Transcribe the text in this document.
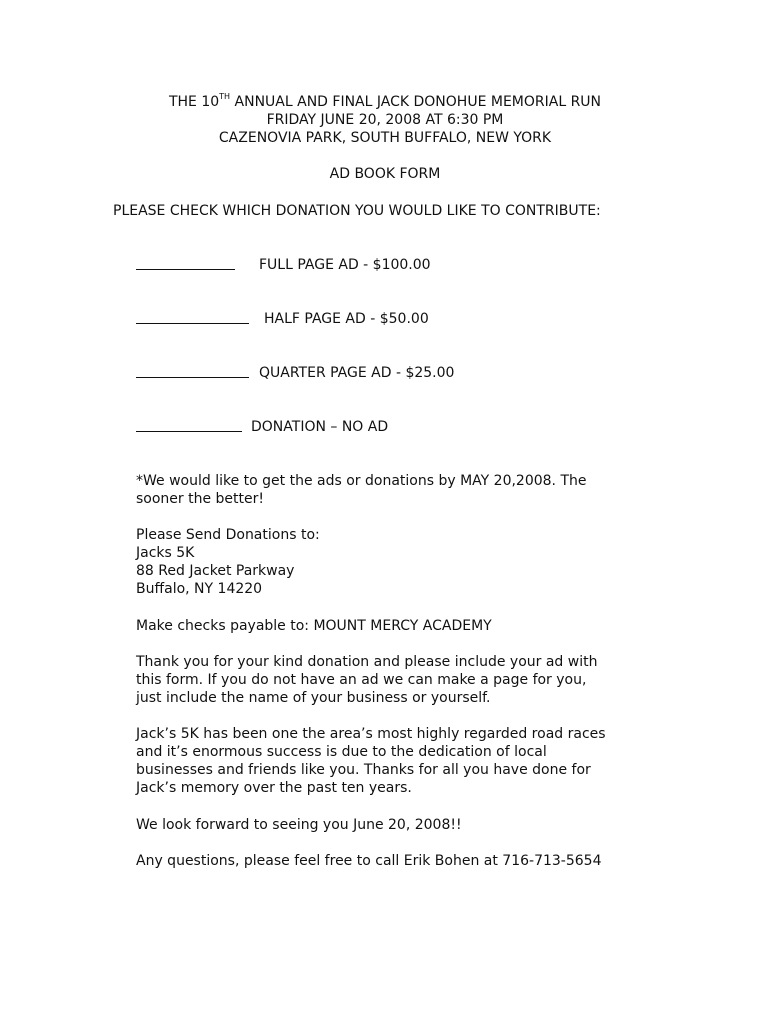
THE 10TH ANNUAL AND FINAL JACK DONOHUE MEMORIAL RUN
FRIDAY JUNE 20, 2008 AT 6:30 PM
CAZENOVIA PARK, SOUTH BUFFALO, NEW YORK
AD BOOK FORM
PLEASE CHECK WHICH DONATION YOU WOULD LIKE TO CONTRIBUTE:
FULL PAGE AD - $100.00
HALF PAGE AD - $50.00
QUARTER PAGE AD - $25.00
DONATION – NO AD
*We would like to get the ads or donations by MAY 20,2008. The
sooner the better!
Please Send Donations to:
Jacks 5K
88 Red Jacket Parkway
Buffalo, NY 14220
Make checks payable to: MOUNT MERCY ACADEMY
Thank you for your kind donation and please include your ad with
this form. If you do not have an ad we can make a page for you,
just include the name of your business or yourself.
Jack’s 5K has been one the area’s most highly regarded road races
and it’s enormous success is due to the dedication of local
businesses and friends like you. Thanks for all you have done for
Jack’s memory over the past ten years.
We look forward to seeing you June 20, 2008!!
Any questions, please feel free to call Erik Bohen at 716-713-5654
